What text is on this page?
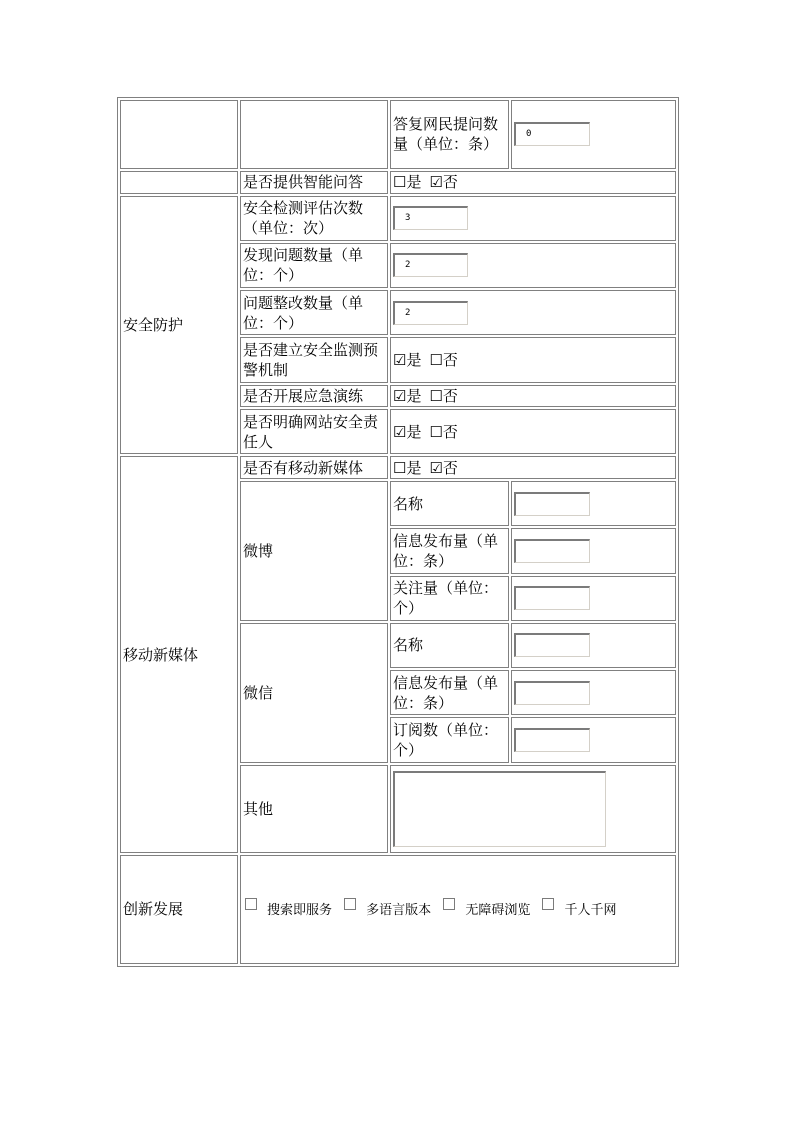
		答复网民提问数量（单位：条）	0
	是否提供智能问答	☐是 ☑否	
安全防护	安全检测评估次数（单位：次）	3	
	发现问题数量（单位：个）	2	
	问题整改数量（单位：个）	2	
	是否建立安全监测预警机制	☑是 ☐否	
	是否开展应急演练	☑是 ☐否	
	是否明确网站安全责任人	☑是 ☐否	
移动新媒体	是否有移动新媒体	☐是 ☑否	
	微博	名称	
		信息发布量（单位：条）	
		关注量（单位：个）	
	微信	名称	
		信息发布量（单位：条）	
		订阅数（单位：个）	
	其他		
创新发展	搜索即服务 多语言版本 无障碍浏览 千人千网		
